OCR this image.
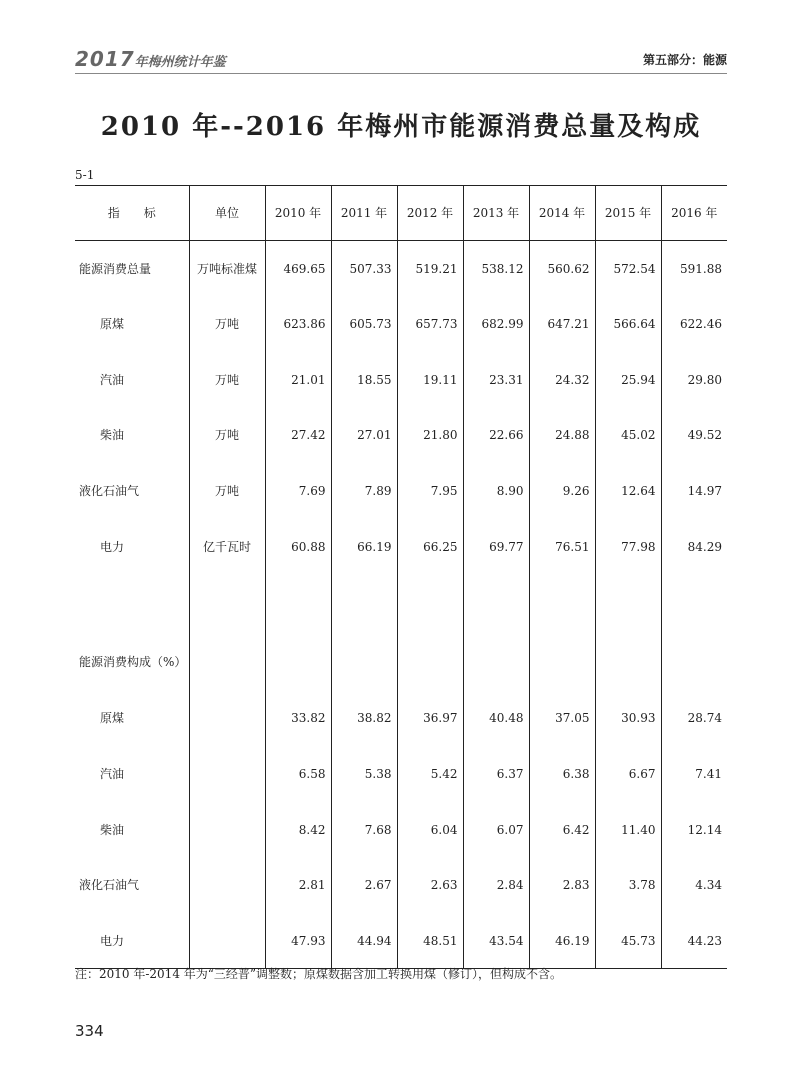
2017年梅州统计年鉴	第五部分：能源
2010 年--2016 年梅州市能源消费总量及构成
5-1
指　　标	单位	2010 年	2011 年	2012 年	2013 年	2014 年	2015 年	2016 年
能源消费总量	万吨标准煤	469.65	507.33	519.21	538.12	560.62	572.54	591.88
原煤	万吨	623.86	605.73	657.73	682.99	647.21	566.64	622.46
汽油	万吨	21.01	18.55	19.11	23.31	24.32	25.94	29.80
柴油	万吨	27.42	27.01	21.80	22.66	24.88	45.02	49.52
液化石油气	万吨	7.69	7.89	7.95	8.90	9.26	12.64	14.97
电力	亿千瓦时	60.88	66.19	66.25	69.77	76.51	77.98	84.29

能源消费构成（%）								
原煤		33.82	38.82	36.97	40.48	37.05	30.93	28.74
汽油		6.58	5.38	5.42	6.37	6.38	6.67	7.41
柴油		8.42	7.68	6.04	6.07	6.42	11.40	12.14
液化石油气		2.81	2.67	2.63	2.84	2.83	3.78	4.34
电力		47.93	44.94	48.51	43.54	46.19	45.73	44.23
注：2010 年-2014 年为“三经普”调整数；原煤数据含加工转换用煤（修订），但构成不含。
334
